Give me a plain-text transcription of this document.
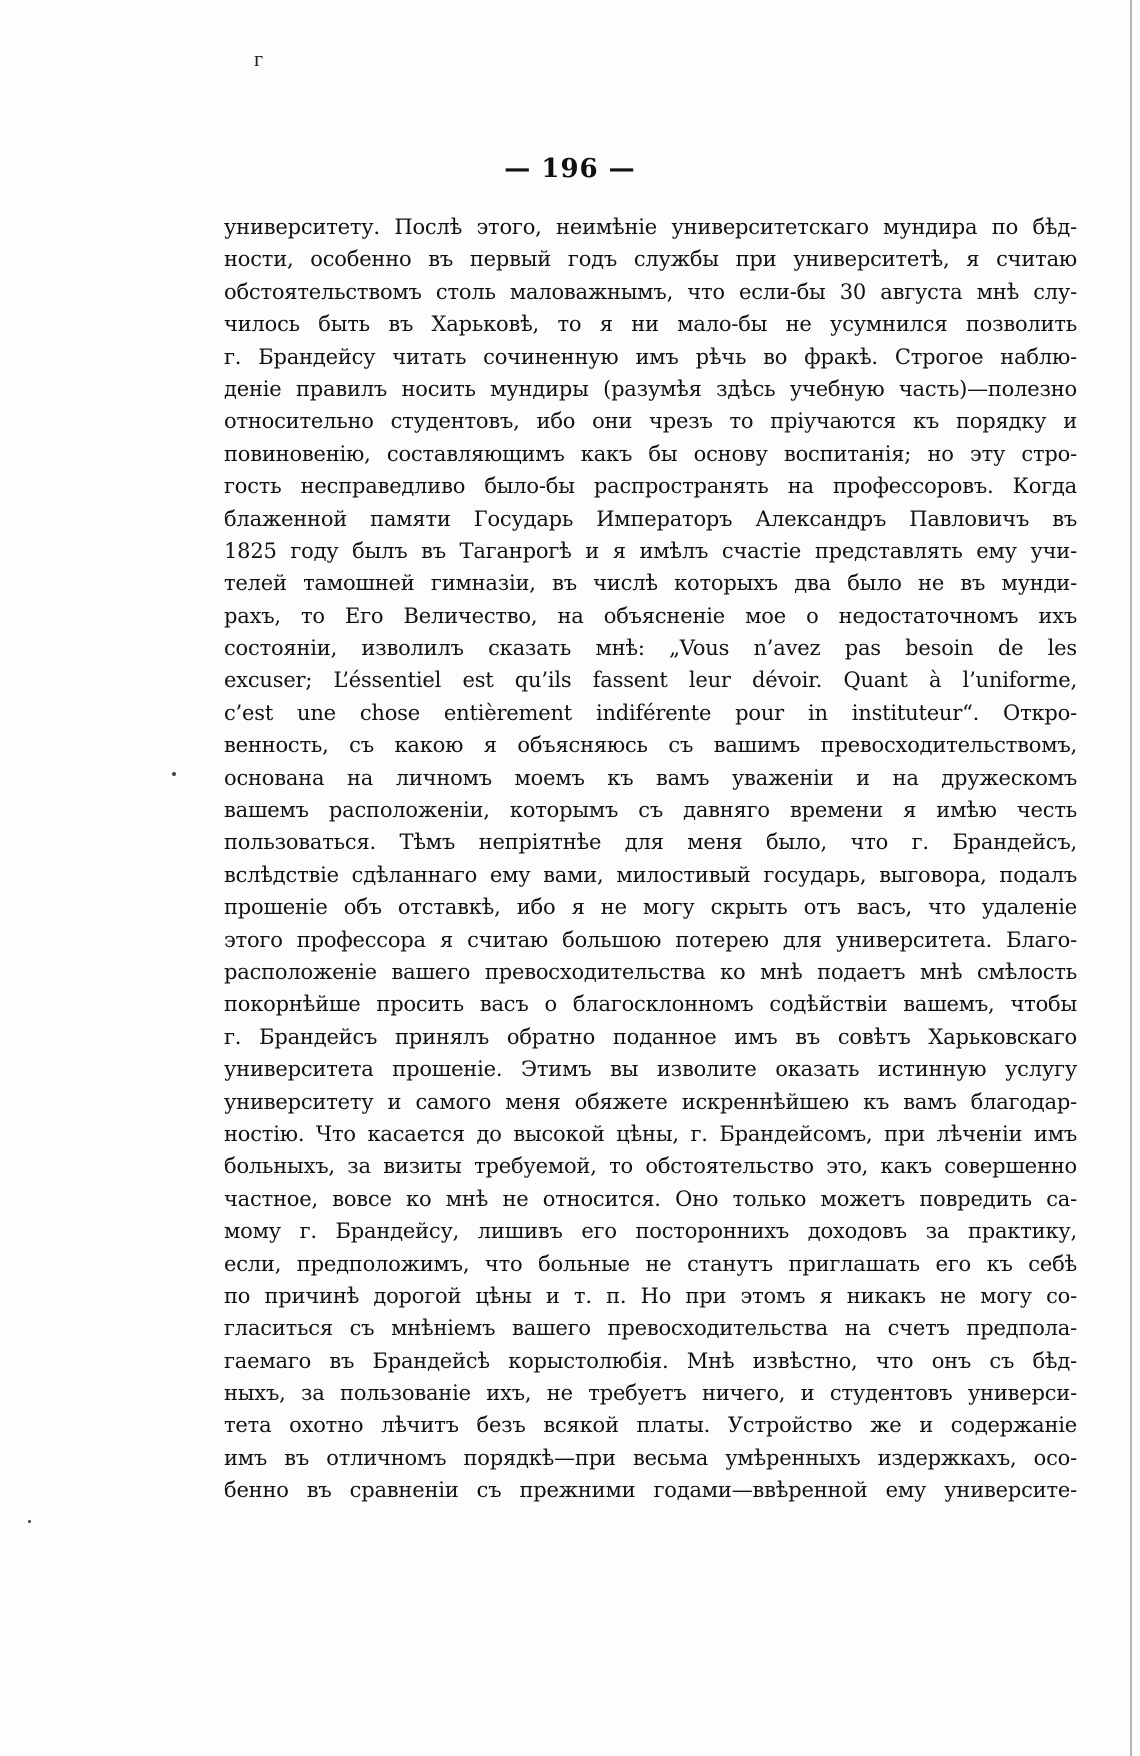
г
— 196 —
университету. Послѣ этого, неимѣніе университетскаго мундира по бѣд-
ности, особенно въ первый годъ службы при университетѣ, я считаю
обстоятельствомъ столь маловажнымъ, что если-бы 30 августа мнѣ слу-
чилось быть въ Харьковѣ, то я ни мало-бы не усумнился позволить
г. Брандейсу читать сочиненную имъ рѣчь во фракѣ. Строгое наблю-
деніе правилъ носить мундиры (разумѣя здѣсь учебную часть)—полезно
относительно студентовъ, ибо они чрезъ то пріучаются къ порядку и
повиновенію, составляющимъ какъ бы основу воспитанія; но эту стро-
гость несправедливо было-бы распространять на профессоровъ. Когда
блаженной памяти Государь Императоръ Александръ Павловичъ въ
1825 году былъ въ Таганрогѣ и я имѣлъ счастіе представлять ему учи-
телей тамошней гимназіи, въ числѣ которыхъ два было не въ мунди-
рахъ, то Его Величество, на объясненіе мое о недостаточномъ ихъ
состояніи, изволилъ сказать мнѣ: „Vous n’avez pas besoin de les
excuser; L’éssentiel est qu’ils fassent leur dévoir. Quant à l’uniforme,
c’est une chose entièrement indiférente pour in instituteur“. Откро-
венность, съ какою я объясняюсь съ вашимъ превосходительствомъ,
основана на личномъ моемъ къ вамъ уваженіи и на дружескомъ
вашемъ расположеніи, которымъ съ давняго времени я имѣю честь
пользоваться. Тѣмъ непріятнѣе для меня было, что г. Брандейсъ,
вслѣдствіе сдѣланнаго ему вами, милостивый государь, выговора, подалъ
прошеніе объ отставкѣ, ибо я не могу скрыть отъ васъ, что удаленіе
этого профессора я считаю большою потерею для университета. Благо-
расположеніе вашего превосходительства ко мнѣ подаетъ мнѣ смѣлость
покорнѣйше просить васъ о благосклонномъ содѣйствіи вашемъ, чтобы
г. Брандейсъ принялъ обратно поданное имъ въ совѣтъ Харьковскаго
университета прошеніе. Этимъ вы изволите оказать истинную услугу
университету и самого меня обяжете искреннѣйшею къ вамъ благодар-
ностію. Что касается до высокой цѣны, г. Брандейсомъ, при лѣченіи имъ
больныхъ, за визиты требуемой, то обстоятельство это, какъ совершенно
частное, вовсе ко мнѣ не относится. Оно только можетъ повредить са-
мому г. Брандейсу, лишивъ его постороннихъ доходовъ за практику,
если, предположимъ, что больные не станутъ приглашать его къ себѣ
по причинѣ дорогой цѣны и т. п. Но при этомъ я никакъ не могу со-
гласиться съ мнѣніемъ вашего превосходительства на счетъ предпола-
гаемаго въ Брандейсѣ корыстолюбія. Мнѣ извѣстно, что онъ съ бѣд-
ныхъ, за пользованіе ихъ, не требуетъ ничего, и студентовъ универси-
тета охотно лѣчитъ безъ всякой платы. Устройство же и содержаніе
имъ въ отличномъ порядкѣ—при весьма умѣренныхъ издержкахъ, осо-
бенно въ сравненіи съ прежними годами—ввѣренной ему университе-
